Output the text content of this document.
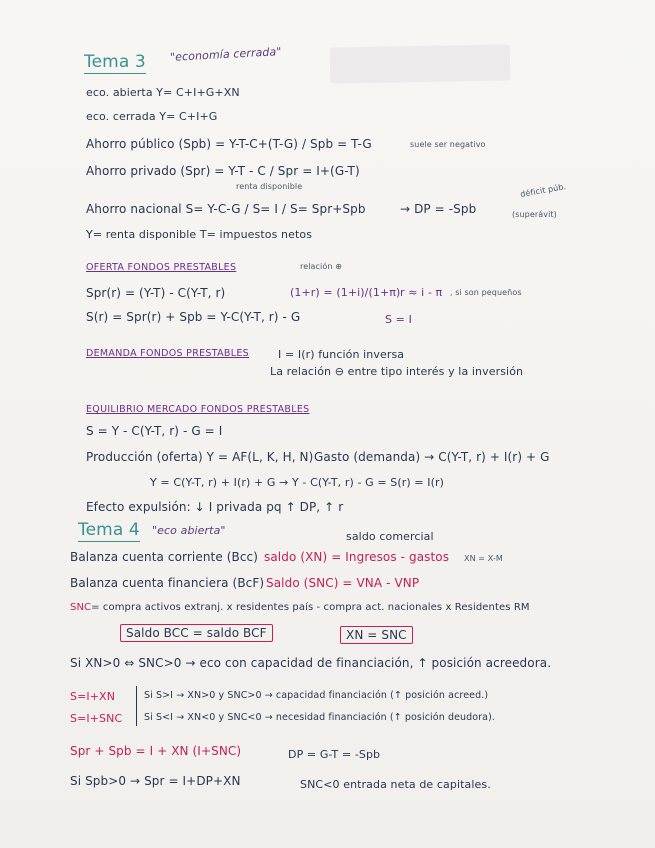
Tema 3 "economía cerrada"
eco. abierta Y= C+I+G+XN
eco. cerrada Y= C+I+G
Ahorro público (Spb) = Y-T-C+(T-G) / Spb = T-G	suele ser negativo
Ahorro privado (Spr) = Y-T - C / Spr = I+(G-T)
renta disponible
Ahorro nacional S= Y-C-G / S= I / S= Spr+Spb	→ DP = -Spb
déficit púb.
(superávit)
Y= renta disponible T= impuestos netos
OFERTA FONDOS PRESTABLES	relación ⊕
Spr(r) = (Y-T) - C(Y-T, r)	(1+r) = (1+i)/(1+π) r ≈ i - π , si son pequeños
S(r) = Spr(r) + Spb = Y-C(Y-T, r) - G	S = I
DEMANDA FONDOS PRESTABLES	I = I(r) función inversa
La relación ⊖ entre tipo interés y la inversión
EQUILIBRIO MERCADO FONDOS PRESTABLES
S = Y - C(Y-T, r) - G = I
Producción (oferta) Y = AF(L, K, H, N) Gasto (demanda) → C(Y-T, r) + I(r) + G
Y = C(Y-T, r) + I(r) + G → Y - C(Y-T, r) - G = S(r) = I(r)
Efecto expulsión: ↓ I privada pq ↑ DP, ↑ r
Tema 4 "eco abierta"	saldo comercial
Balanza cuenta corriente (Bcc) saldo (XN) = Ingresos - gastos XN = X-M
Balanza cuenta financiera (BcF) Saldo (SNC) = VNA - VNP
SNC= compra activos extranj. x residentes país - compra act. nacionales x Residentes RM
Saldo BCC = saldo BCF	XN = SNC
Si XN>0 ⇔ SNC>0 → eco con capacidad de financiación, ↑ posición acreedora.
S=I+XN
S=I+SNC
Si S>I → XN>0 y SNC>0 → capacidad financiación (↑ posición acreed.)
Si S<I → XN<0 y SNC<0 → necesidad financiación (↑ posición deudora).
Spr + Spb = I + XN (I+SNC)	DP = G-T = -Spb
Si Spb>0 → Spr = I+DP+XN	SNC<0 entrada neta de capitales.
